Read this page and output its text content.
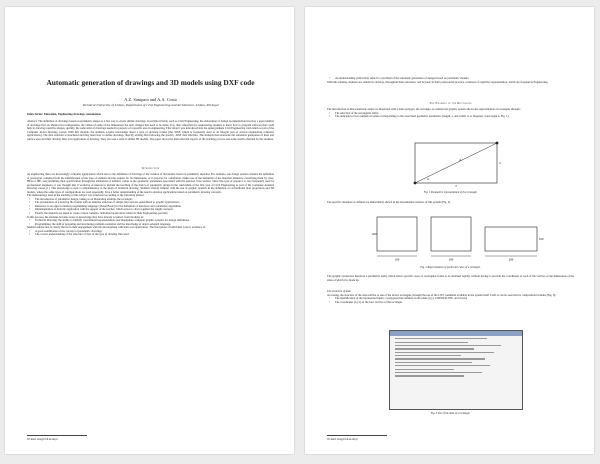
Automatic generation of drawings and 3D models using DXF code
A.Z. Sampaio and A.A. Costa
Technical University of Lisbon, Department of Civil Engineering and Architecture, Lisbon, Portugal

Index Terms: Education, Engineering drawings, Automation.

Abstract: The definition of drawings based on parametric shapes is a fast way to create similar drawings. In technical fields, such as Civil Engineering, the elaboration of design documentation involves a great number of drawings that are identical in configuration, the values of some of the dimensions the only changes that need to be made. It is, then, important for engineering students to know how to program software that could help in drawing repetitive shapes, quickly, the same kind of drawings needed in projects of a specific area in engineering. This subject was introduced into the undergraduate Civil Engineering curriculum as part of the Computer Aided Drawing course. With this module, the students acquire knowledge about a type of drawing format (the .DXF, which is frequently used as an integral part of several engineering computer applications). The data structure is structured and they learn how to define drawings, directly writing files following the specific .DXF data structure. The students then elaborate the automatic generation of lines and surface area and their develop their own application of drawing. They also use a solid to define 3D models. The paper shows the main relevant aspects of the teaching process and some results obtained by the students.

Introduction

As engineering there are increasingly computer applications which turn to the definition of drawings or the creation of 3D models based on parametric sketches. For example, one design system contains the definition of prototypes compiled from the identification of the type of element and the request for its dimensions, or it prepares for calculation, makes use of the definition of the manifest elements, classifying them by class, HEA or IPE, and permitting their specification through the attribution of numeric values to the geometric parameters associated with the selected cross section. Since this type of resource is very frequently used by professional engineers, it was thought that it would be of interest to include the teaching of the basics of parametric design in the curriculum of the first year of Civil Engineering as part of the Computer Assisted Drawing course [1]. This knowledge is seen a complementary to the study of technical drawing. Students already familiar with the use of graphic systems in the definition of conventional plan projections and 3D models, where the same types of configurations are read repeatedly, have a better understanding of the need to develop applications based on parametric drawing concepts.

The methodology used in the teaching of this subject was structured according to the following phases:

• The introduction of parametric design, taking as an illustrating example the rectangle;

• The presentation of a drawing file format with an intuitive structure of simple data and one generalized to graphic applications;

• Reference to an object-oriented programming language (Visual Basic) for the definition of interfaces and calculation algorithms;

• Implementation of didactic application with the support of the teacher, which serves to draw together the taught concepts;

• Finally, the students are asked to create a more complex, individual application related to their Engineering specialty.

In this process, the students become aware to knowledge they have already acquired, from modules in:

• Technical Drawing: the ability to identify conventional representations and manipulate computer graphic systems for design definitions.

• Programming: the skill of preparing and structuring problem resolution and the knowledge of object-oriented language.

Student satisfaction is clearly shown in their engagement with the development with their own application. The final phase of individual work is evidence of:

• A good assimilation of the concept of parametric drawings;

• The correct understanding of the structure of data of the type of drawing files used.

1E-mail: zita@civil.ist.utl.pt

• An understanding particularly suited to a problem of the automatic generation of designs based on parametric models.

With this training, students are enabled to develop, throughout their education, and beyond, in their professional practice, solutions of repetitive representation, which are frequent in Engineering.

The Example of the Rectangle

The introduction of this parametric subject is illustrated with a basic polygon, the rectangle. A commercial graphic system allows the representation of rectangles through:

• The selection of the rectangular entity.

• The indication of two numerical values corresponding to the associated geometric parameters (length, a, and width, b, or diagonal, d and angle α, Fig. 1).

a
b
d
α
Fig. 1 Parametric representation of the rectangle.

The specific situations as defined are immediately shown in the visualization window of this system (Fig. 2).

100	100	200
200
100
Fig. 2 Representation of particular cases of a rectangle.

The graphic system has therefore a parametric entity which allows specific cases of rectangular forms to be obtained rapidly, without having to provide the coordinates of each of the vertices or the dimensions of the sides of which it is made up.

The structure of data

Accessing, the structure of the data relative to one of the drawn rectangles, through the use of the LIST command available in the system itself CAD, it can be seen that its composition includes (Fig. 3):

• The identification of the represented figure, a polygonal line defined on the plane (x,y), LWPOLYLINE, and closed;

• The coordinates (x,y,z) of the four vertices of the rectangle.

Fig. 3 List of the data of a rectangle.
1E-mail: zita@civil.ist.utl.pt
